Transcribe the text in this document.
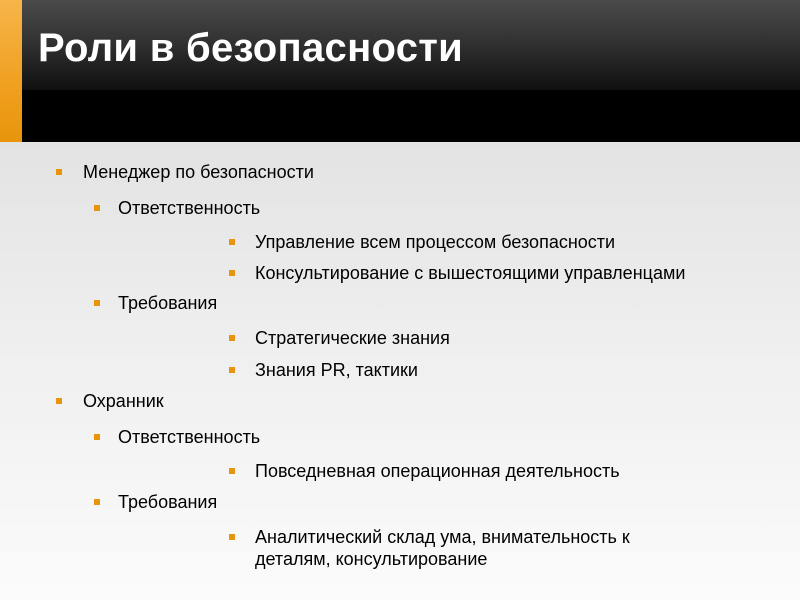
Роли в безопасности
Менеджер по безопасности
Ответственность
Управление всем процессом безопасности
Консультирование с вышестоящими управленцами
Требования
Стратегические знания
Знания PR, тактики
Охранник
Ответственность
Повседневная операционная деятельность
Требования
Аналитический склад ума, внимательность к деталям, консультирование
